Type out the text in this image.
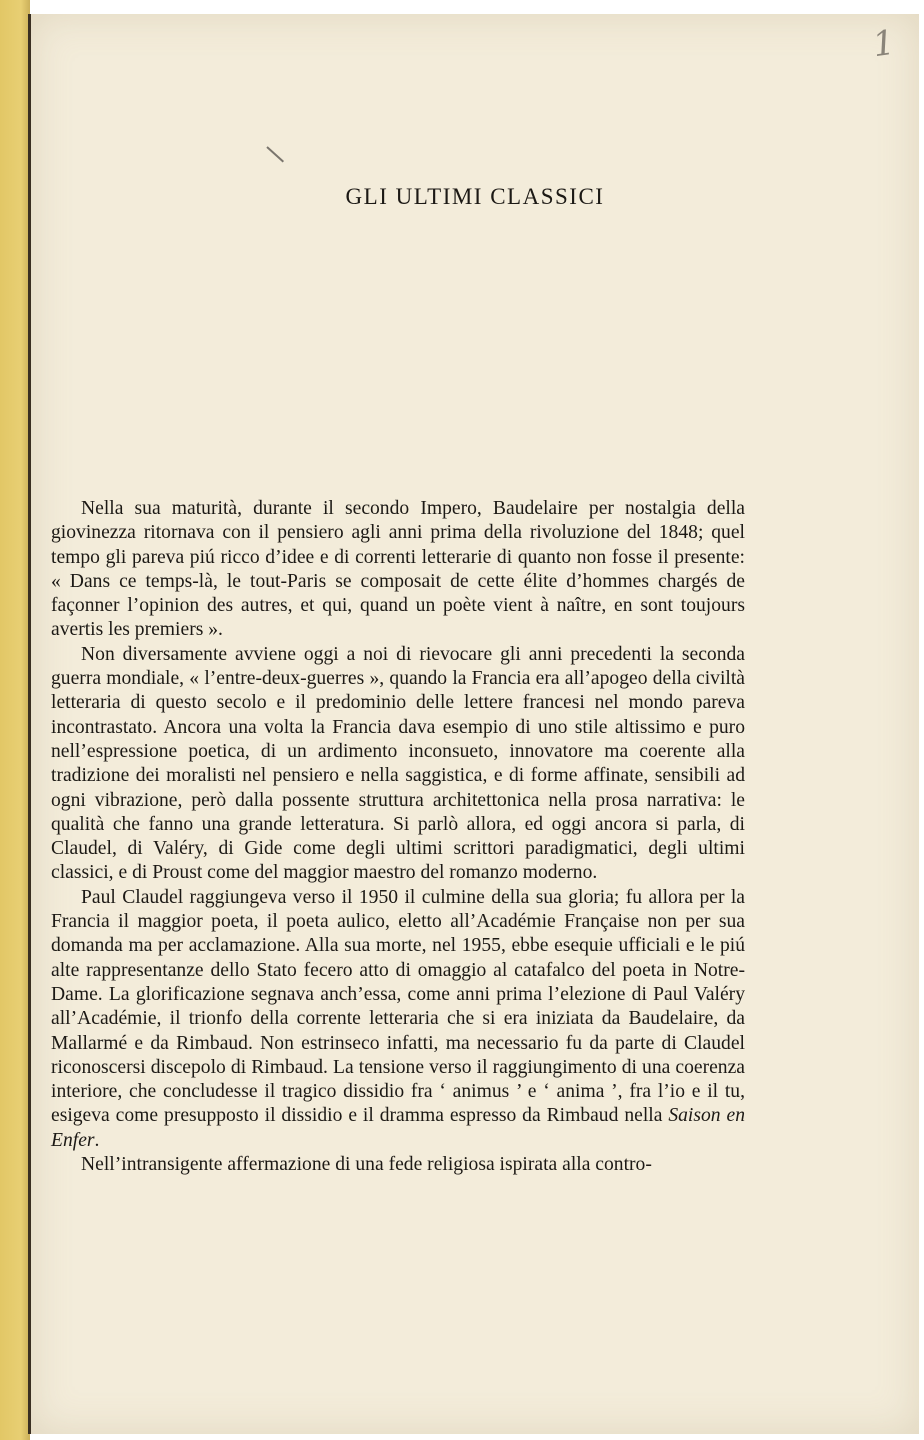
1
GLI ULTIMI CLASSICI

Nella sua maturità, durante il secondo Impero, Baudelaire per nostalgia della giovinezza ritornava con il pensiero agli anni prima della rivoluzione del 1848; quel tempo gli pareva piú ricco d’idee e di correnti letterarie di quanto non fosse il presente: « Dans ce temps-là, le tout-Paris se composait de cette élite d’hommes chargés de façonner l’opinion des autres, et qui, quand un poète vient à naître, en sont toujours avertis les premiers ».

Non diversamente avviene oggi a noi di rievocare gli anni precedenti la seconda guerra mondiale, « l’entre-deux-guerres », quando la Francia era all’apogeo della civiltà letteraria di questo secolo e il predominio delle lettere francesi nel mondo pareva incontrastato. Ancora una volta la Francia dava esempio di uno stile altissimo e puro nell’espressione poetica, di un ardimento inconsueto, innovatore ma coerente alla tradizione dei moralisti nel pensiero e nella saggistica, e di forme affinate, sensibili ad ogni vibrazione, però dalla possente struttura architettonica nella prosa narrativa: le qualità che fanno una grande letteratura. Si parlò allora, ed oggi ancora si parla, di Claudel, di Valéry, di Gide come degli ultimi scrittori paradigmatici, degli ultimi classici, e di Proust come del maggior maestro del romanzo moderno.

Paul Claudel raggiungeva verso il 1950 il culmine della sua gloria; fu allora per la Francia il maggior poeta, il poeta aulico, eletto all’Académie Française non per sua domanda ma per acclamazione. Alla sua morte, nel 1955, ebbe esequie ufficiali e le piú alte rappresentanze dello Stato fecero atto di omaggio al catafalco del poeta in Notre-Dame. La glorificazione segnava anch’essa, come anni prima l’elezione di Paul Valéry all’Académie, il trionfo della corrente letteraria che si era iniziata da Baudelaire, da Mallarmé e da Rimbaud. Non estrinseco infatti, ma necessario fu da parte di Claudel riconoscersi discepolo di Rimbaud. La tensione verso il raggiungimento di una coerenza interiore, che concludesse il tragico dissidio fra ‘ animus ’ e ‘ anima ’, fra l’io e il tu, esigeva come presupposto il dissidio e il dramma espresso da Rimbaud nella Saison en Enfer.

Nell’intransigente affermazione di una fede religiosa ispirata alla contro-
